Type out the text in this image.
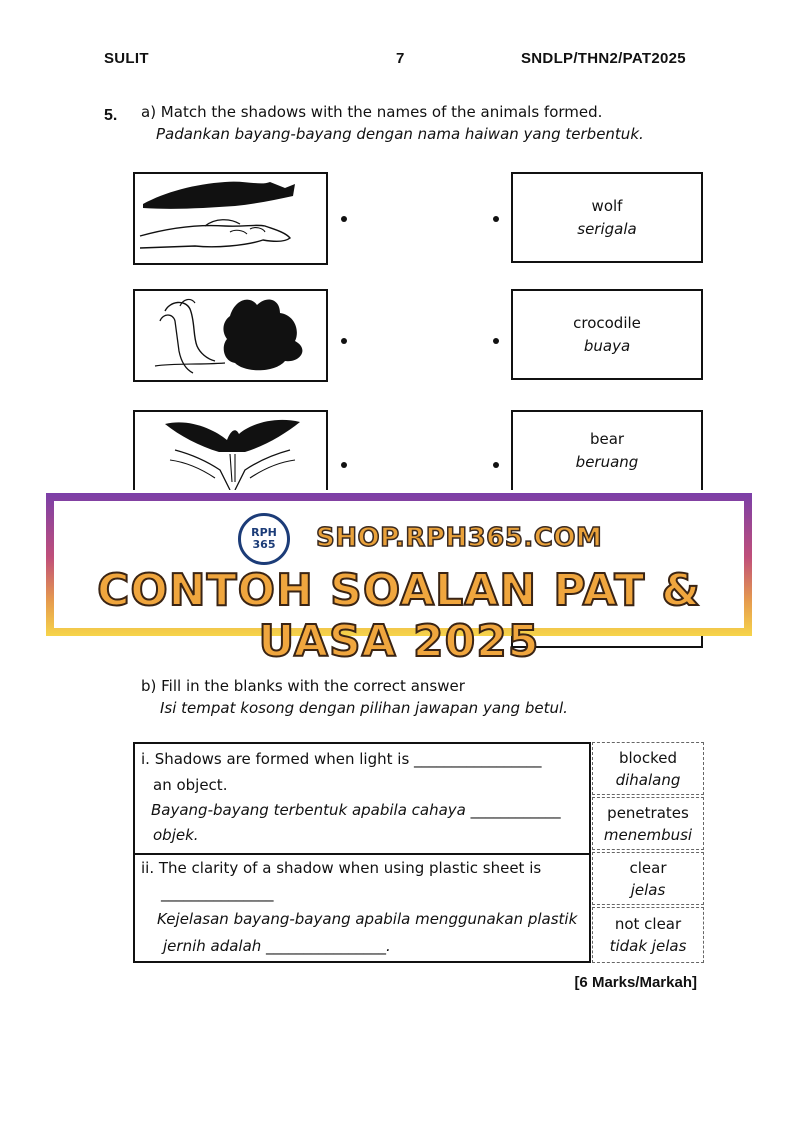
SULIT	7	SNDLP/THN2/PAT2025
5. a) Match the shadows with the names of the animals formed.
Padankan bayang-bayang dengan nama haiwan yang terbentuk.
wolf
serigala
crocodile
buaya
bear
beruang
RPH 365	SHOP.RPH365.COM
CONTOH SOALAN PAT & UASA 2025
b) Fill in the blanks with the correct answer
Isi tempat kosong dengan pilihan jawapan yang betul.
i. Shadows are formed when light is _________________
an object.
Bayang-bayang terbentuk apabila cahaya ____________
objek.
ii. The clarity of a shadow when using plastic sheet is
_______________
Kejelasan bayang-bayang apabila menggunakan plastik
jernih adalah ________________.
blocked
dihalang
penetrates
menembusi
clear
jelas
not clear
tidak jelas
[6 Marks/Markah]
